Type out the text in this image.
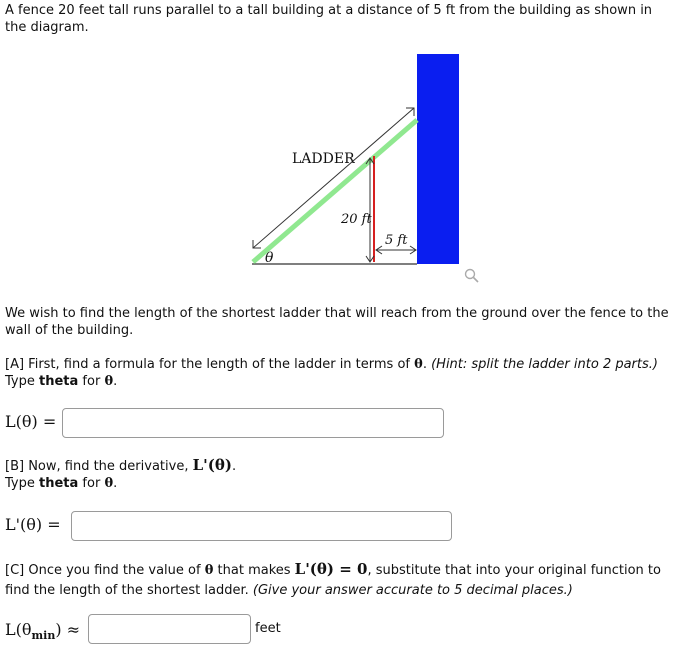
A fence 20 feet tall runs parallel to a tall building at a distance of 5 ft from the building as shown in the diagram.

LADDER
20 ft
5 ft
θ

We wish to find the length of the shortest ladder that will reach from the ground over the fence to the wall of the building.

[A] First, find a formula for the length of the ladder in terms of θ. (Hint: split the ladder into 2 parts.)
Type theta for θ.

L(θ) =

[B] Now, find the derivative, L'(θ).
Type theta for θ.

L'(θ) =

[C] Once you find the value of θ that makes L'(θ) = 0, substitute that into your original function to find the length of the shortest ladder. (Give your answer accurate to 5 decimal places.)

$L(\theta_{min})$ ≈	feet
